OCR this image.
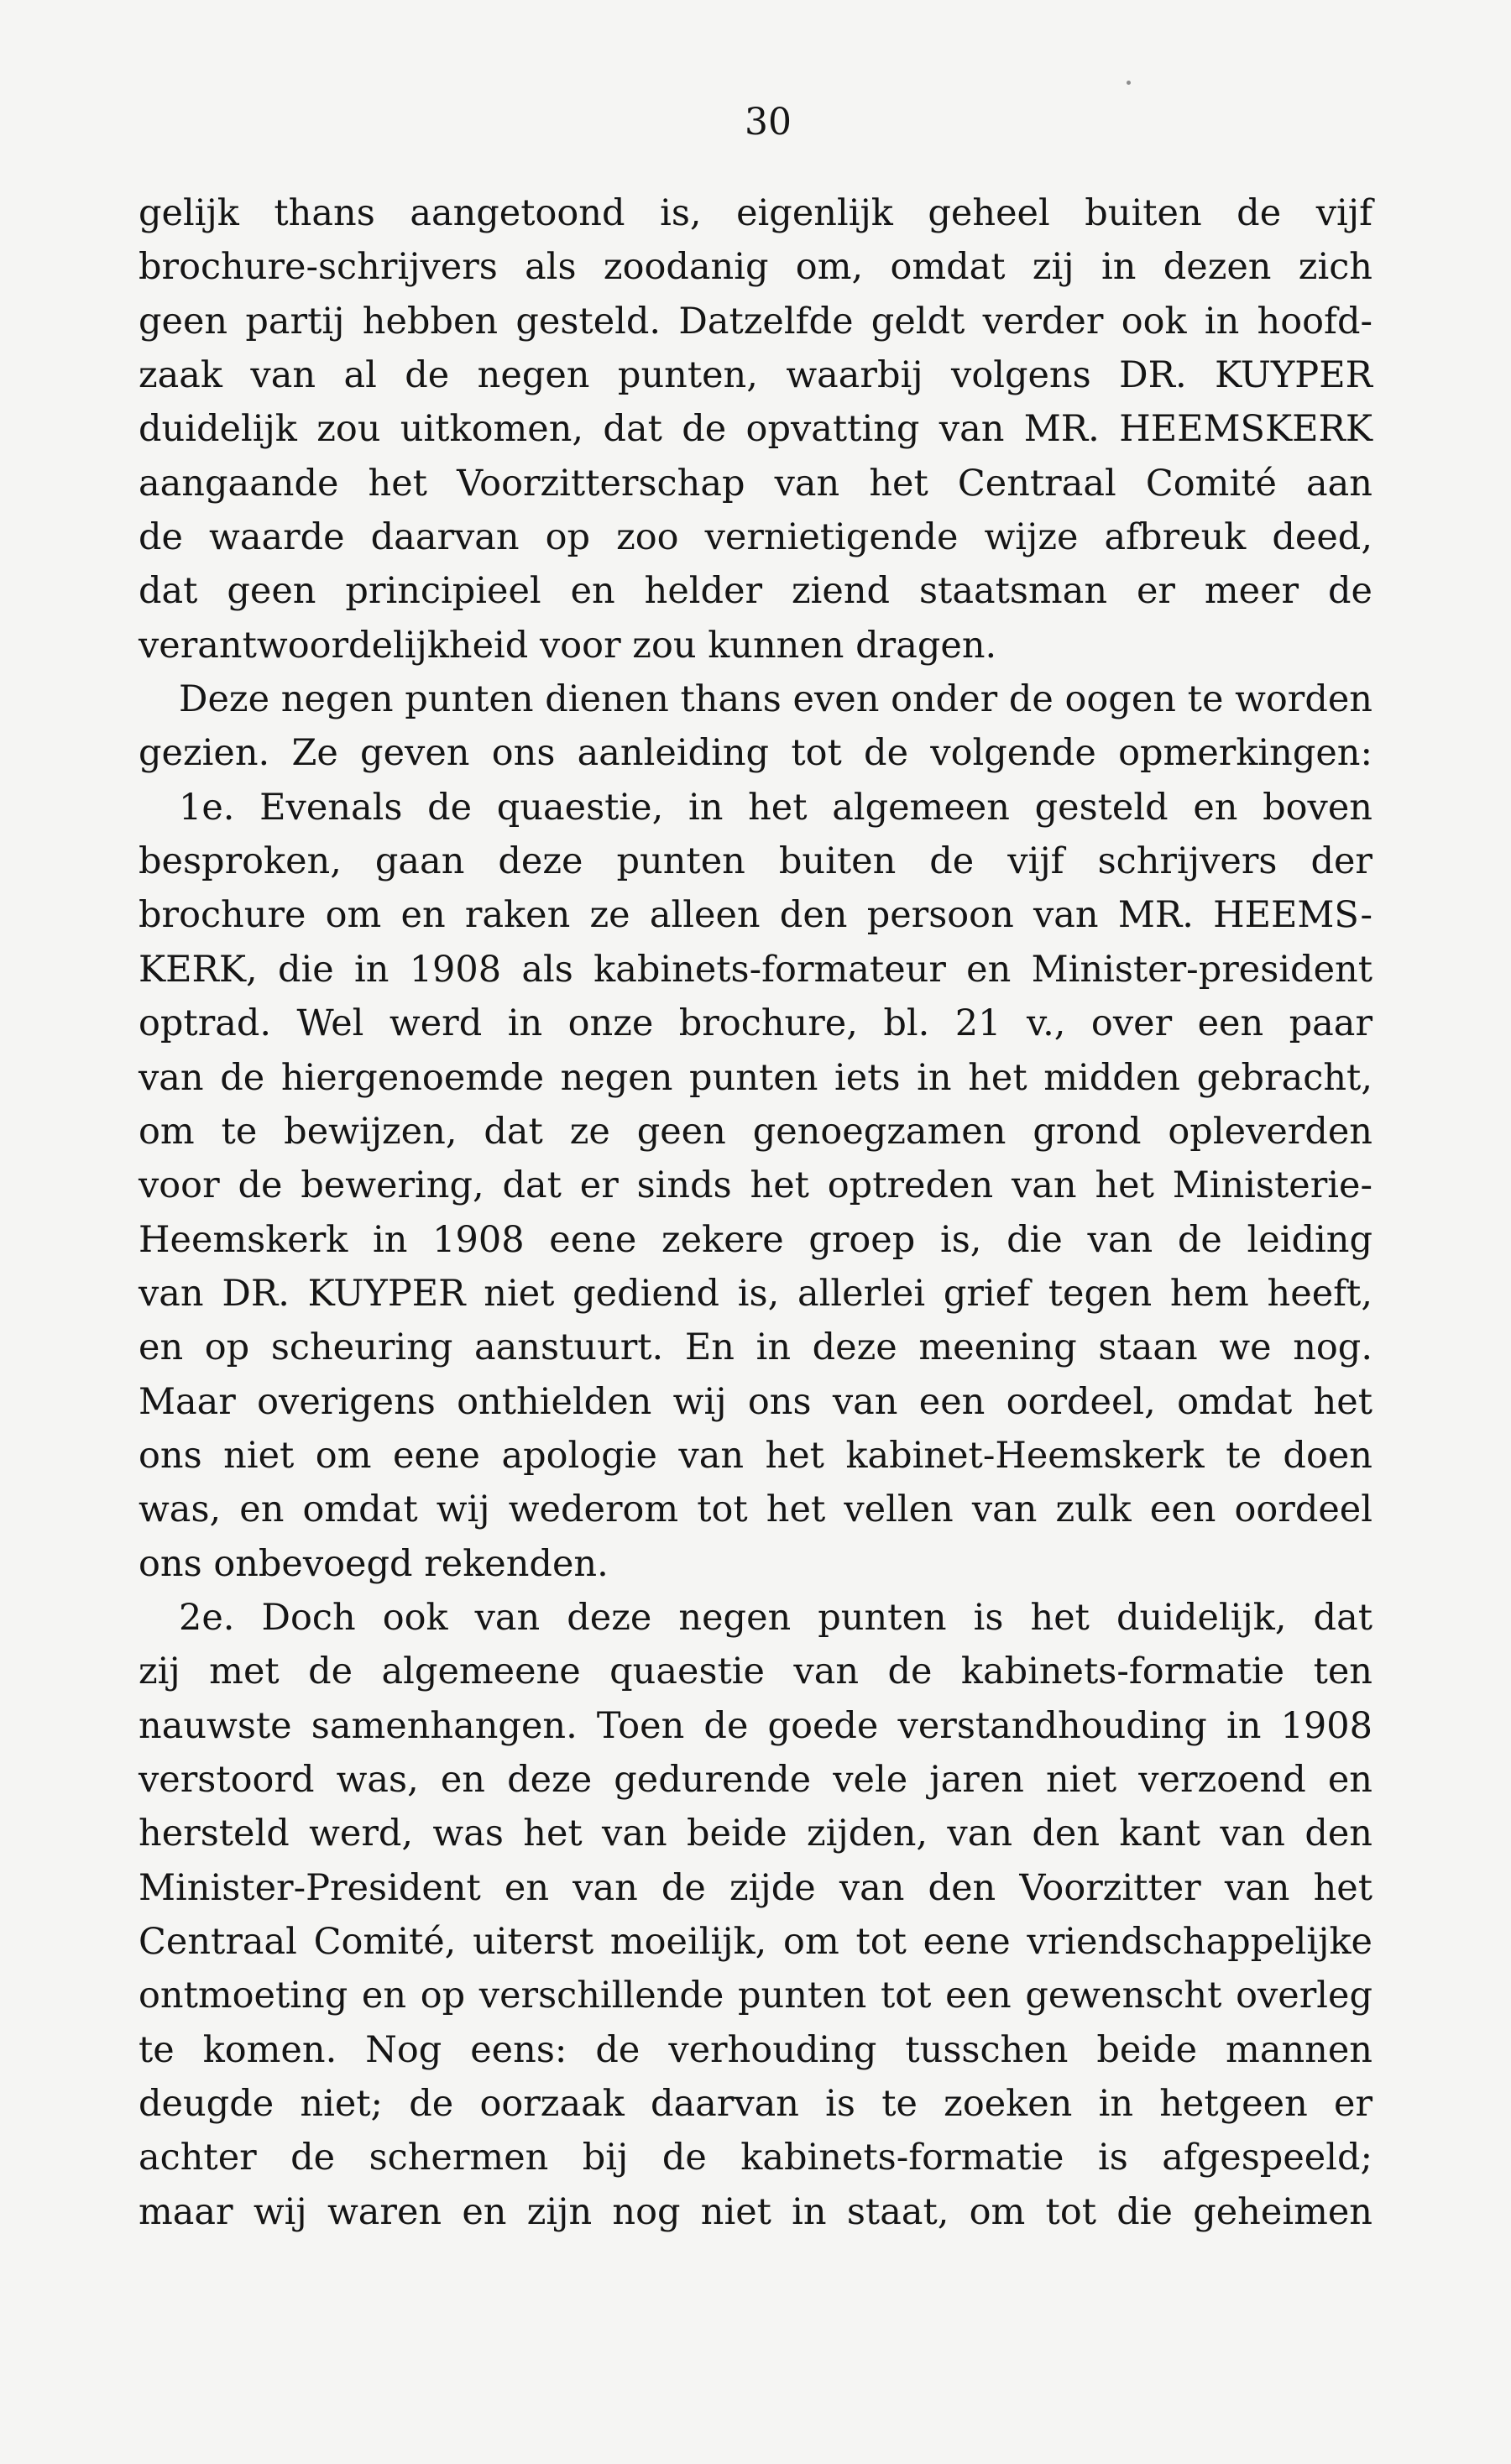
30
gelijk thans aangetoond is, eigenlijk geheel buiten de vijf
brochure-schrijvers als zoodanig om, omdat zij in dezen zich
geen partij hebben gesteld. Datzelfde geldt verder ook in hoofd-
zaak van al de negen punten, waarbij volgens DR. KUYPER
duidelijk zou uitkomen, dat de opvatting van MR. HEEMSKERK
aangaande het Voorzitterschap van het Centraal Comité aan
de waarde daarvan op zoo vernietigende wijze afbreuk deed,
dat geen principieel en helder ziend staatsman er meer de
verantwoordelijkheid voor zou kunnen dragen.
Deze negen punten dienen thans even onder de oogen te worden
gezien. Ze geven ons aanleiding tot de volgende opmerkingen:
1e. Evenals de quaestie, in het algemeen gesteld en boven
besproken, gaan deze punten buiten de vijf schrijvers der
brochure om en raken ze alleen den persoon van MR. HEEMS-
KERK, die in 1908 als kabinets-formateur en Minister-president
optrad. Wel werd in onze brochure, bl. 21 v., over een paar
van de hiergenoemde negen punten iets in het midden gebracht,
om te bewijzen, dat ze geen genoegzamen grond opleverden
voor de bewering, dat er sinds het optreden van het Ministerie-
Heemskerk in 1908 eene zekere groep is, die van de leiding
van DR. KUYPER niet gediend is, allerlei grief tegen hem heeft,
en op scheuring aanstuurt. En in deze meening staan we nog.
Maar overigens onthielden wij ons van een oordeel, omdat het
ons niet om eene apologie van het kabinet-Heemskerk te doen
was, en omdat wij wederom tot het vellen van zulk een oordeel
ons onbevoegd rekenden.
2e. Doch ook van deze negen punten is het duidelijk, dat
zij met de algemeene quaestie van de kabinets-formatie ten
nauwste samenhangen. Toen de goede verstandhouding in 1908
verstoord was, en deze gedurende vele jaren niet verzoend en
hersteld werd, was het van beide zijden, van den kant van den
Minister-President en van de zijde van den Voorzitter van het
Centraal Comité, uiterst moeilijk, om tot eene vriendschappelijke
ontmoeting en op verschillende punten tot een gewenscht overleg
te komen. Nog eens: de verhouding tusschen beide mannen
deugde niet; de oorzaak daarvan is te zoeken in hetgeen er
achter de schermen bij de kabinets-formatie is afgespeeld;
maar wij waren en zijn nog niet in staat, om tot die geheimen
